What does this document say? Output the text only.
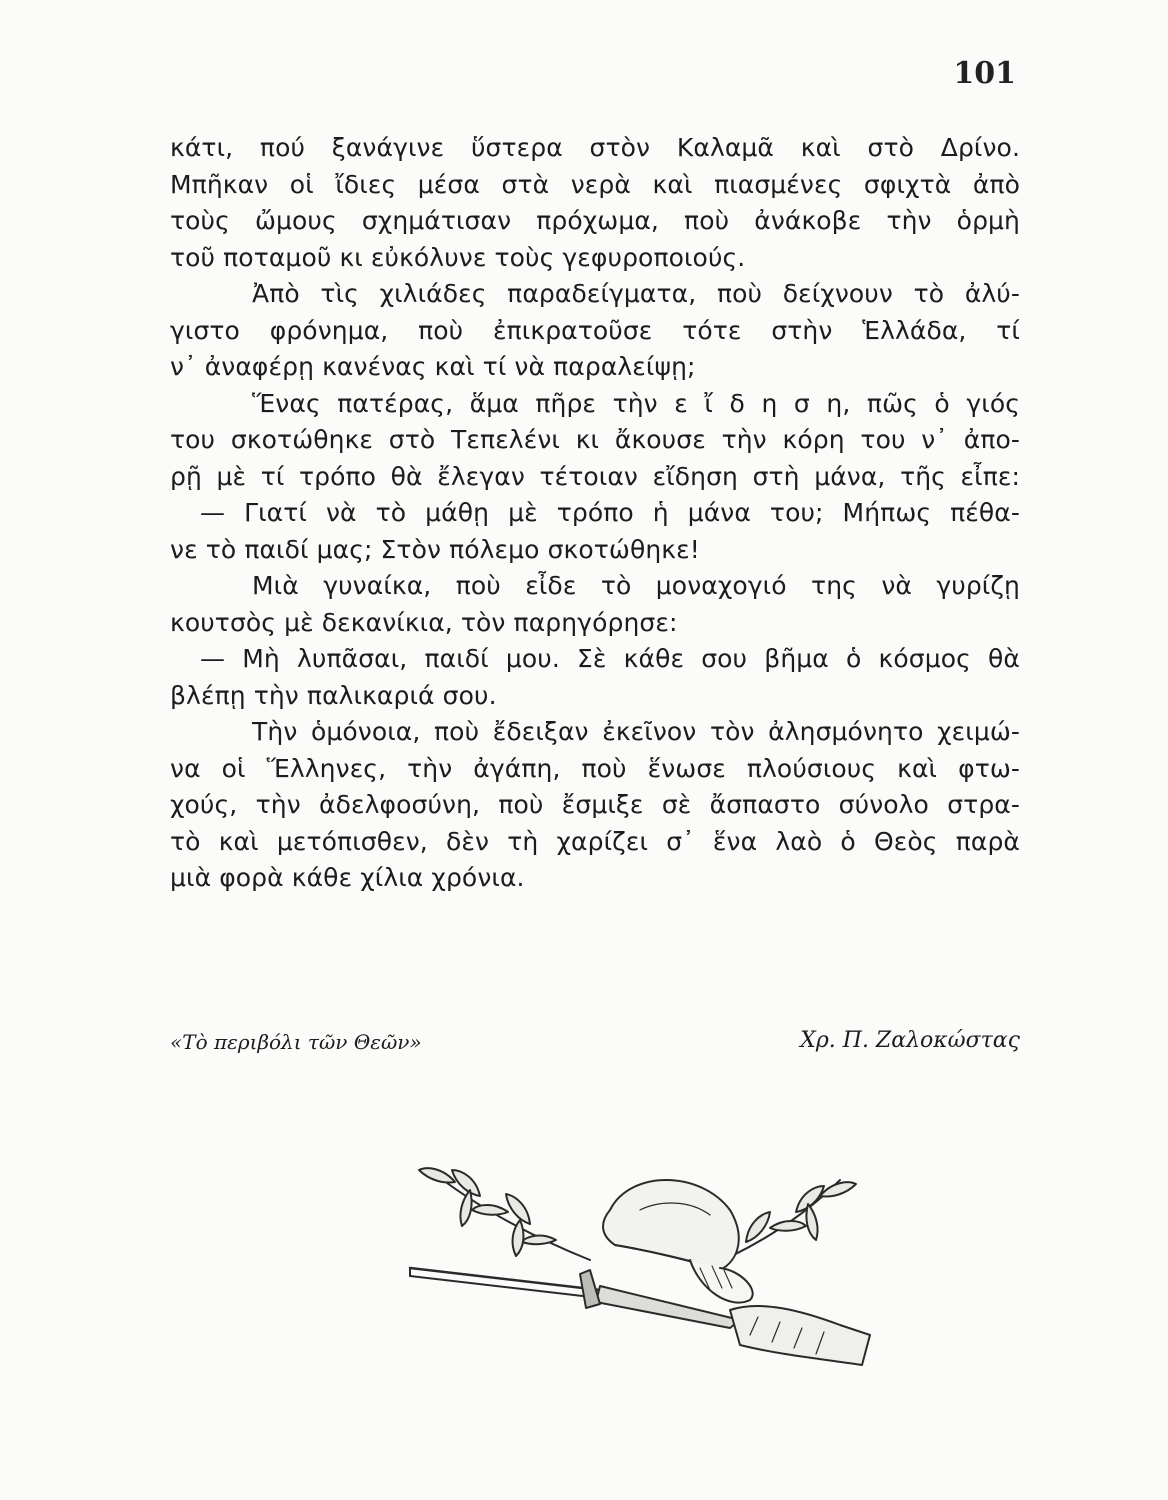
101
κάτι, πού ξανάγινε ὕστερα στὸν Καλαμᾶ καὶ στὸ Δρίνο.
Μπῆκαν οἱ ἴδιες μέσα στὰ νερὰ καὶ πιασμένες σφιχτὰ ἀπὸ
τοὺς ὤμους σχημάτισαν πρόχωμα, ποὺ ἀνάκοβε τὴν ὁρμὴ
τοῦ ποταμοῦ κι εὐκόλυνε τοὺς γεφυροποιούς.
Ἀπὸ τὶς χιλιάδες παραδείγματα, ποὺ δείχνουν τὸ ἀλύ-
γιστο φρόνημα, ποὺ ἐπικρατοῦσε τότε στὴν Ἑλλάδα, τί
ν᾿ ἀναφέρῃ κανένας καὶ τί νὰ παραλείψῃ;
Ἕνας πατέρας, ἅμα πῆρε τὴν ε ἴ δ η σ η, πῶς ὁ γιός
του σκοτώθηκε στὸ Τεπελένι κι ἄκουσε τὴν κόρη του ν᾿ ἀπο-
ρῇ μὲ τί τρόπο θὰ ἔλεγαν τέτοιαν εἴδηση στὴ μάνα, τῆς εἶπε:
— Γιατί νὰ τὸ μάθῃ μὲ τρόπο ἡ μάνα του; Μήπως πέθα-
νε τὸ παιδί μας; Στὸν πόλεμο σκοτώθηκε!
Μιὰ γυναίκα, ποὺ εἶδε τὸ μοναχογιό της νὰ γυρίζῃ
κουτσὸς μὲ δεκανίκια, τὸν παρηγόρησε:
— Μὴ λυπᾶσαι, παιδί μου. Σὲ κάθε σου βῆμα ὁ κόσμος θὰ
βλέπῃ τὴν παλικαριά σου.
Τὴν ὁμόνοια, ποὺ ἔδειξαν ἐκεῖνον τὸν ἀλησμόνητο χειμώ-
να οἱ Ἕλληνες, τὴν ἀγάπη, ποὺ ἕνωσε πλούσιους καὶ φτω-
χούς, τὴν ἀδελφοσύνη, ποὺ ἔσμιξε σὲ ἄσπαστο σύνολο στρα-
τὸ καὶ μετόπισθεν, δὲν τὴ χαρίζει σ᾿ ἕνα λαὸ ὁ Θεὸς παρὰ
μιὰ φορὰ κάθε χίλια χρόνια.
«Τὸ περιβόλι τῶν Θεῶν»	Χρ. Π. Ζαλοκώστας
